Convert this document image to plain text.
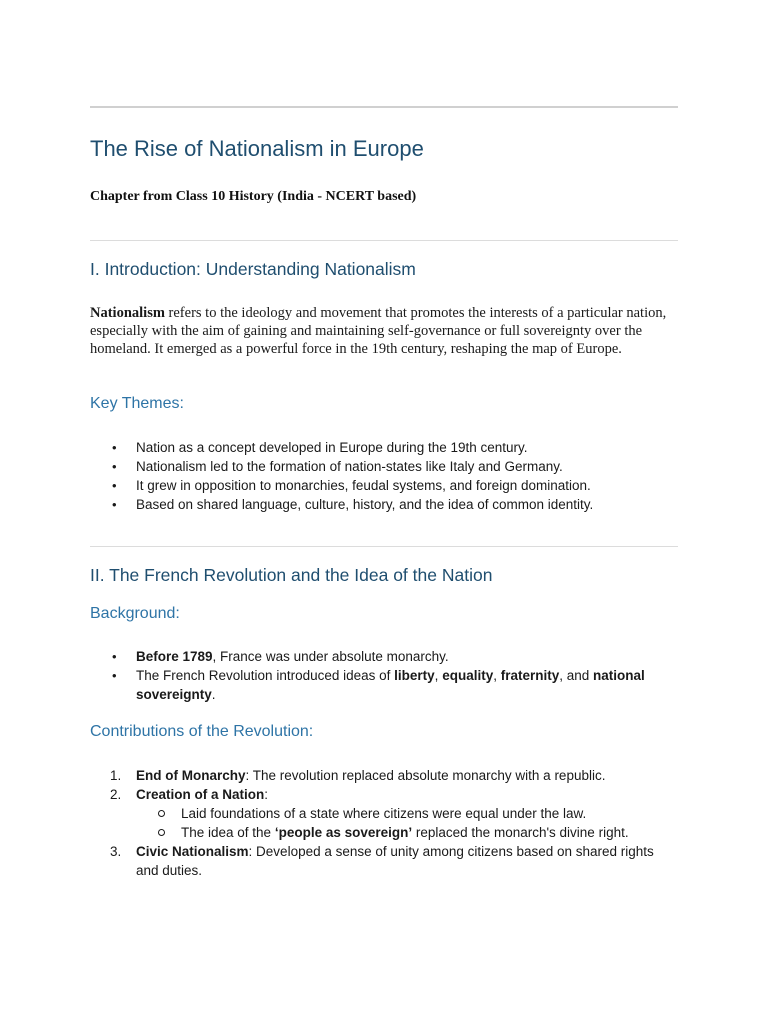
The Rise of Nationalism in Europe
Chapter from Class 10 History (India - NCERT based)
I. Introduction: Understanding Nationalism

Nationalism refers to the ideology and movement that promotes the interests of a particular nation, especially with the aim of gaining and maintaining self-governance or full sovereignty over the homeland. It emerged as a powerful force in the 19th century, reshaping the map of Europe.

Key Themes:
• Nation as a concept developed in Europe during the 19th century.
• Nationalism led to the formation of nation-states like Italy and Germany.
• It grew in opposition to monarchies, feudal systems, and foreign domination.
• Based on shared language, culture, history, and the idea of common identity.
II. The French Revolution and the Idea of the Nation
Background:
• Before 1789, France was under absolute monarchy.
• The French Revolution introduced ideas of liberty, equality, fraternity, and national sovereignty.
Contributions of the Revolution:
1. End of Monarchy: The revolution replaced absolute monarchy with a republic.
2. Creation of a Nation:
Laid foundations of a state where citizens were equal under the law.
The idea of the ‘people as sovereign’ replaced the monarch's divine right.
3. Civic Nationalism: Developed a sense of unity among citizens based on shared rights and duties.
